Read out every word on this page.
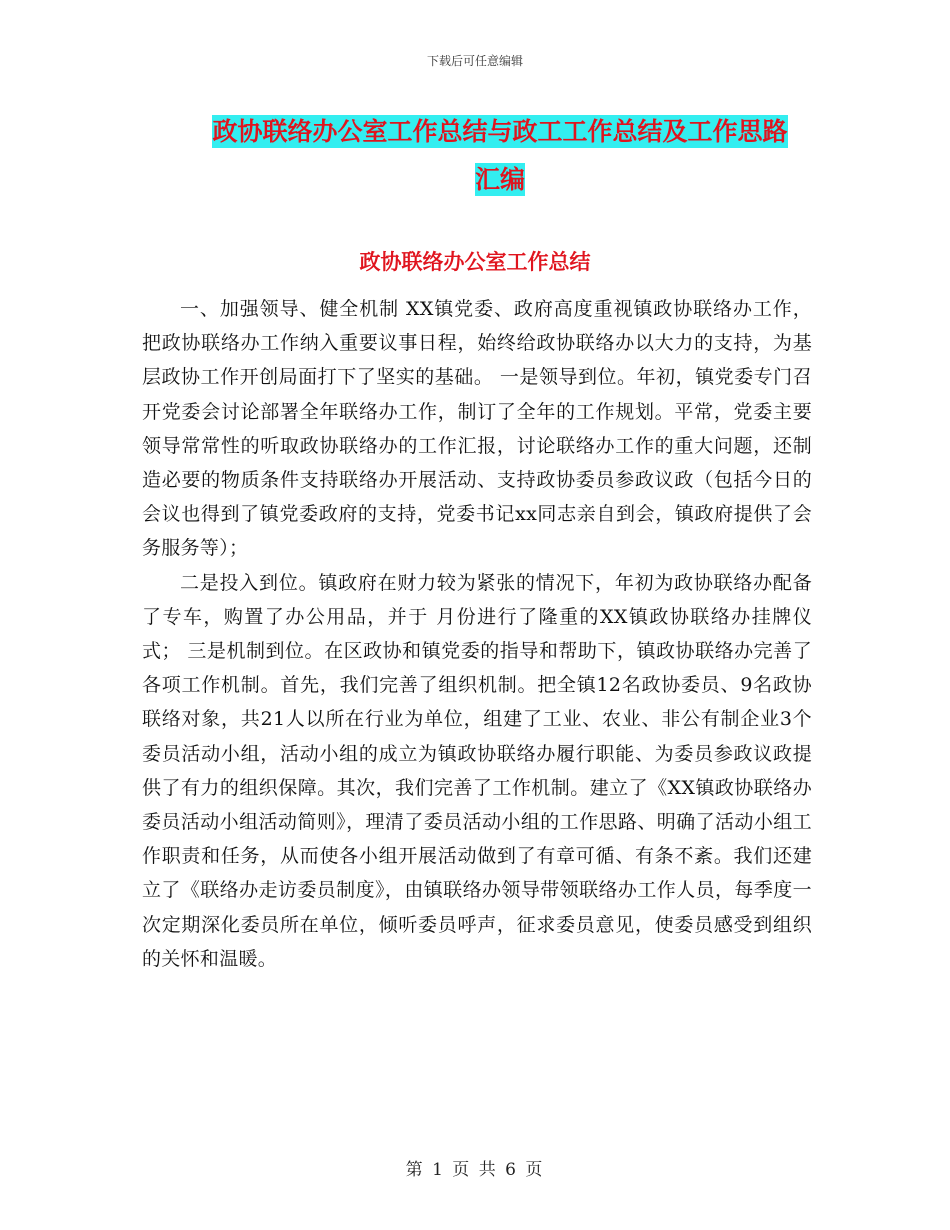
下载后可任意编辑
政协联络办公室工作总结与政工工作总结及工作思路
汇编
政协联络办公室工作总结

一、加强领导、健全机制 XX镇党委、政府高度重视镇政协联络办工作，把政协联络办工作纳入重要议事日程，始终给政协联络办以大力的支持，为基层政协工作开创局面打下了坚实的基础。 一是领导到位。年初，镇党委专门召开党委会讨论部署全年联络办工作，制订了全年的工作规划。平常，党委主要领导常常性的听取政协联络办的工作汇报，讨论联络办工作的重大问题，还制造必要的物质条件支持联络办开展活动、支持政协委员参政议政（包括今日的会议也得到了镇党委政府的支持，党委书记xx同志亲自到会，镇政府提供了会务服务等）；

二是投入到位。镇政府在财力较为紧张的情况下，年初为政协联络办配备了专车，购置了办公用品，并于 月份进行了隆重的XX镇政协联络办挂牌仪式； 三是机制到位。在区政协和镇党委的指导和帮助下，镇政协联络办完善了各项工作机制。首先，我们完善了组织机制。把全镇12名政协委员、9名政协联络对象，共21人以所在行业为单位，组建了工业、农业、非公有制企业3个委员活动小组，活动小组的成立为镇政协联络办履行职能、为委员参政议政提供了有力的组织保障。其次，我们完善了工作机制。建立了《XX镇政协联络办委员活动小组活动简则》，理清了委员活动小组的工作思路、明确了活动小组工作职责和任务，从而使各小组开展活动做到了有章可循、有条不紊。我们还建立了《联络办走访委员制度》，由镇联络办领导带领联络办工作人员，每季度一次定期深化委员所在单位，倾听委员呼声，征求委员意见，使委员感受到组织的关怀和温暖。

第 1 页 共 6 页
